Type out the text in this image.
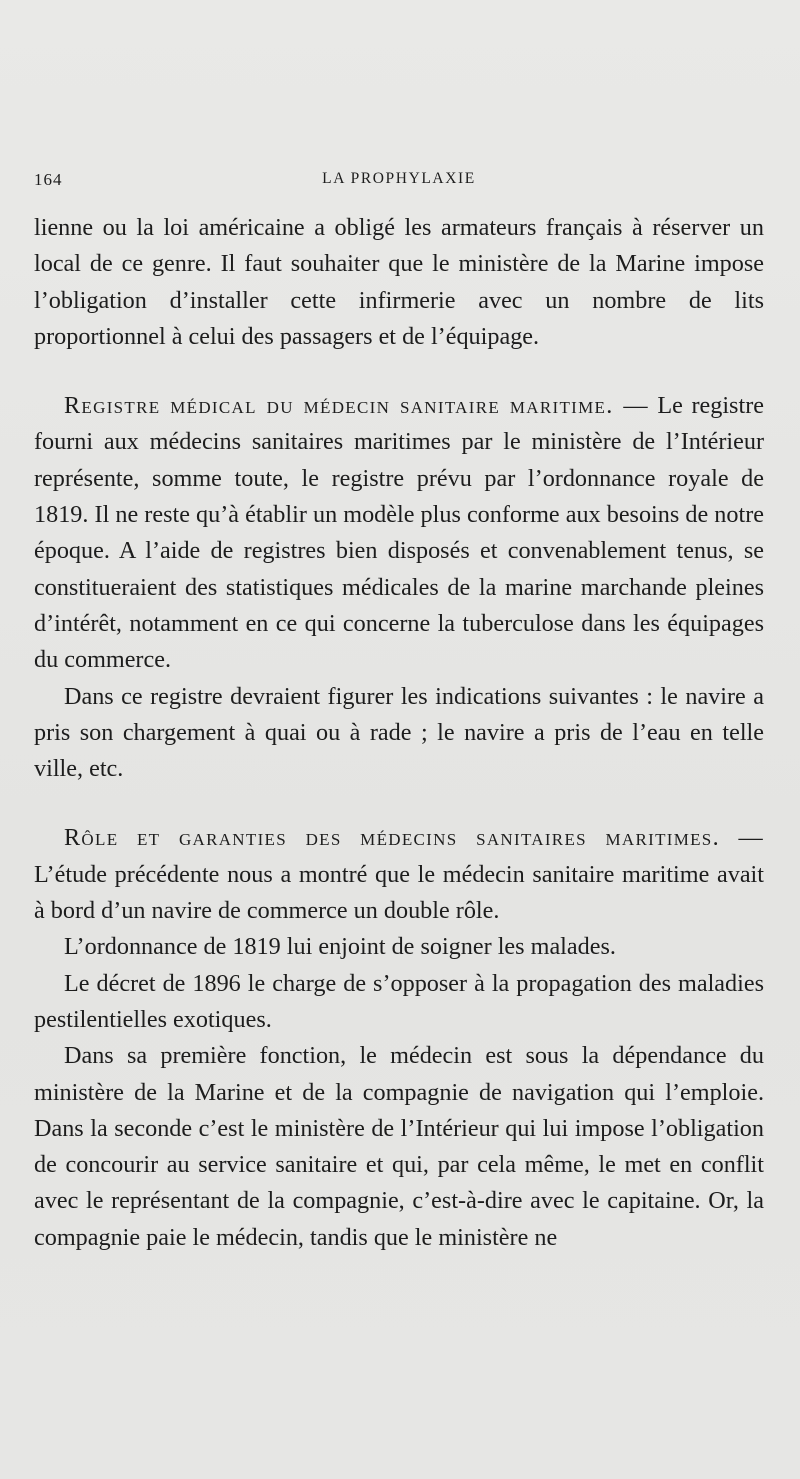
164	LA PROPHYLAXIE

lienne ou la loi américaine a obligé les armateurs français à réserver un local de ce genre. Il faut souhaiter que le ministère de la Marine impose l’obligation d’installer cette infirmerie avec un nombre de lits proportionnel à celui des passagers et de l’équipage.

Registre médical du médecin sanitaire maritime. — Le registre fourni aux médecins sanitaires maritimes par le ministère de l’Intérieur représente, somme toute, le registre prévu par l’ordonnance royale de 1819. Il ne reste qu’à établir un modèle plus conforme aux besoins de notre époque. A l’aide de registres bien disposés et convenablement tenus, se constitueraient des statistiques médicales de la marine marchande pleines d’intérêt, notamment en ce qui concerne la tuberculose dans les équipages du commerce.

Dans ce registre devraient figurer les indications suivantes : le navire a pris son chargement à quai ou à rade ; le navire a pris de l’eau en telle ville, etc.

Rôle et garanties des médecins sanitaires maritimes. — L’étude précédente nous a montré que le médecin sanitaire maritime avait à bord d’un navire de commerce un double rôle.

L’ordonnance de 1819 lui enjoint de soigner les malades.

Le décret de 1896 le charge de s’opposer à la propagation des maladies pestilentielles exotiques.

Dans sa première fonction, le médecin est sous la dépendance du ministère de la Marine et de la compagnie de navigation qui l’emploie. Dans la seconde c’est le ministère de l’Intérieur qui lui impose l’obligation de concourir au service sanitaire et qui, par cela même, le met en conflit avec le représentant de la compagnie, c’est-à-dire avec le capitaine. Or, la compagnie paie le médecin, tandis que le ministère ne
